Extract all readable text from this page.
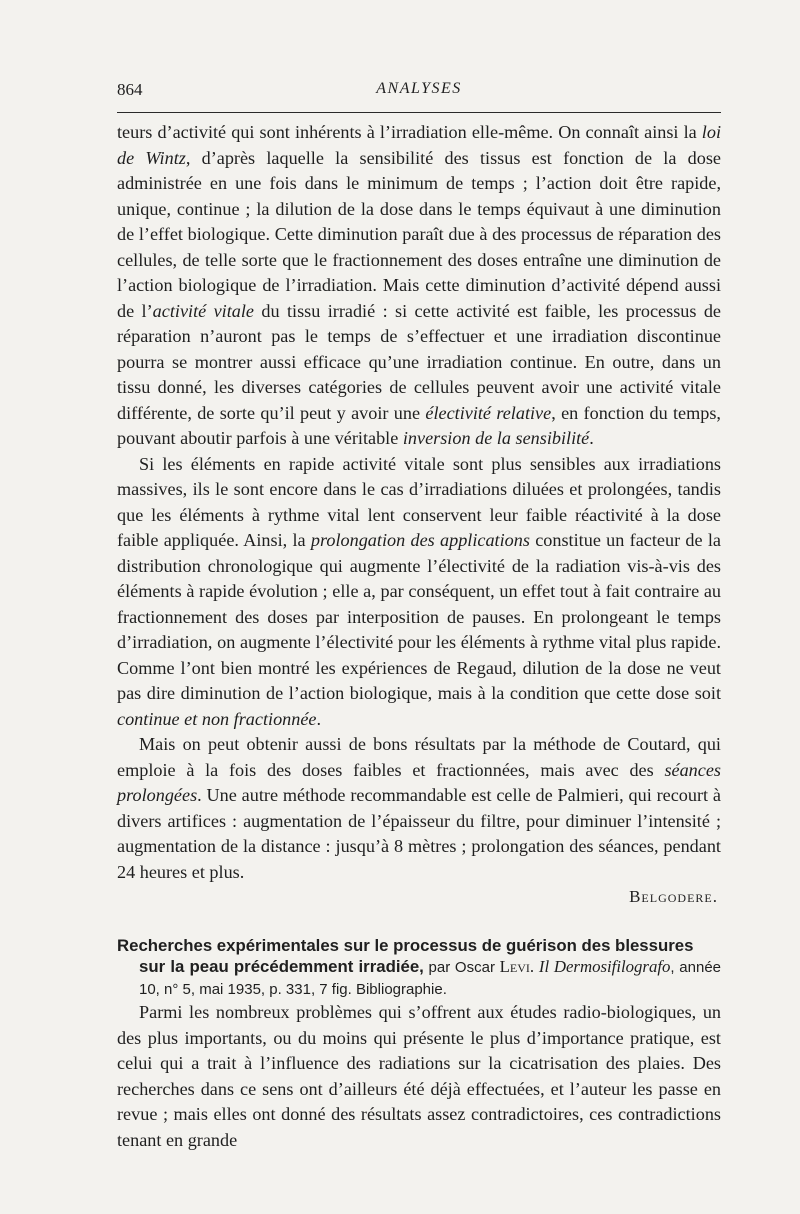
864	ANALYSES

teurs d’activité qui sont inhérents à l’irradiation elle-même. On connaît ainsi la loi de Wintz, d’après laquelle la sensibilité des tissus est fonction de la dose administrée en une fois dans le minimum de temps ; l’action doit être rapide, unique, continue ; la dilution de la dose dans le temps équivaut à une diminution de l’effet biologique. Cette diminution paraît due à des processus de réparation des cellules, de telle sorte que le fractionnement des doses entraîne une diminution de l’action biologique de l’irradiation. Mais cette diminution d’activité dépend aussi de l’activité vitale du tissu irradié : si cette activité est faible, les processus de réparation n’auront pas le temps de s’effectuer et une irradiation discontinue pourra se montrer aussi efficace qu’une irradiation continue. En outre, dans un tissu donné, les diverses catégories de cellules peuvent avoir une activité vitale différente, de sorte qu’il peut y avoir une électivité relative, en fonction du temps, pouvant aboutir parfois à une véritable inversion de la sensibilité.

Si les éléments en rapide activité vitale sont plus sensibles aux irradiations massives, ils le sont encore dans le cas d’irradiations diluées et prolongées, tandis que les éléments à rythme vital lent conservent leur faible réactivité à la dose faible appliquée. Ainsi, la prolongation des applications constitue un facteur de la distribution chronologique qui augmente l’électivité de la radiation vis-à-vis des éléments à rapide évolution ; elle a, par conséquent, un effet tout à fait contraire au fractionnement des doses par interposition de pauses. En prolongeant le temps d’irradiation, on augmente l’électivité pour les éléments à rythme vital plus rapide. Comme l’ont bien montré les expériences de Regaud, dilution de la dose ne veut pas dire diminution de l’action biologique, mais à la condition que cette dose soit continue et non fractionnée.

Mais on peut obtenir aussi de bons résultats par la méthode de Coutard, qui emploie à la fois des doses faibles et fractionnées, mais avec des séances prolongées. Une autre méthode recommandable est celle de Palmieri, qui recourt à divers artifices : augmentation de l’épaisseur du filtre, pour diminuer l’intensité ; augmentation de la distance : jusqu’à 8 mètres ; prolongation des séances, pendant 24 heures et plus.

Belgodere.
Recherches expérimentales sur le processus de guérison des blessures
sur la peau précédemment irradiée, par Oscar Levi. Il Dermosifilografo, année 10, n° 5, mai 1935, p. 331, 7 fig. Bibliographie.

Parmi les nombreux problèmes qui s’offrent aux études radio-biologiques, un des plus importants, ou du moins qui présente le plus d’importance pratique, est celui qui a trait à l’influence des radiations sur la cicatrisation des plaies. Des recherches dans ce sens ont d’ailleurs été déjà effectuées, et l’auteur les passe en revue ; mais elles ont donné des résultats assez contradictoires, ces contradictions tenant en grande
